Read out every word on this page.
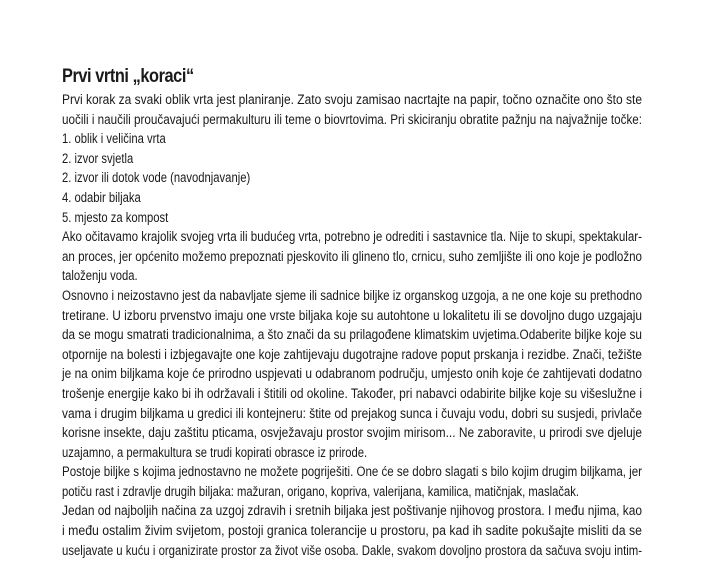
Prvi vrtni „koraci“
Prvi korak za svaki oblik vrta jest planiranje. Zato svoju zamisao nacrtajte na papir, točno označite ono što ste
uočili i naučili proučavajući permakulturu ili teme o biovrtovima. Pri skiciranju obratite pažnju na najvažnije točke:
1. oblik i veličina vrta
2. izvor svjetla
2. izvor ili dotok vode (navodnjavanje)
4. odabir biljaka
5. mjesto za kompost
Ako očitavamo krajolik svojeg vrta ili budućeg vrta, potrebno je odrediti i sastavnice tla. Nije to skupi, spektakular-
an proces, jer općenito možemo prepoznati pjeskovito ili glineno tlo, crnicu, suho zemljište ili ono koje je podložno
taloženju voda.
Osnovno i neizostavno jest da nabavljate sjeme ili sadnice biljke iz organskog uzgoja, a ne one koje su prethodno
tretirane. U izboru prvenstvo imaju one vrste biljaka koje su autohtone u lokalitetu ili se dovoljno dugo uzgajaju
da se mogu smatrati tradicionalnima, a što znači da su prilagođene klimatskim uvjetima.Odaberite biljke koje su
otpornije na bolesti i izbjegavajte one koje zahtijevaju dugotrajne radove poput prskanja i rezidbe. Znači, težište
je na onim biljkama koje će prirodno uspjevati u odabranom području, umjesto onih koje će zahtijevati dodatno
trošenje energije kako bi ih održavali i štitili od okoline. Također, pri nabavci odabirite biljke koje su višeslužne i
vama i drugim biljkama u gredici ili kontejneru: štite od prejakog sunca i čuvaju vodu, dobri su susjedi, privlače
korisne insekte, daju zaštitu pticama, osvježavaju prostor svojim mirisom... Ne zaboravite, u prirodi sve djeluje
uzajamno, a permakultura se trudi kopirati obrasce iz prirode.
Postoje biljke s kojima jednostavno ne možete pogriješiti. One će se dobro slagati s bilo kojim drugim biljkama, jer
potiču rast i zdravlje drugih biljaka: mažuran, origano, kopriva, valerijana, kamilica, matičnjak, maslačak.
Jedan od najboljih načina za uzgoj zdravih i sretnih biljaka jest poštivanje njihovog prostora. I među njima, kao
i među ostalim živim svijetom, postoji granica tolerancije u prostoru, pa kad ih sadite pokušajte misliti da se
useljavate u kuću i organizirate prostor za život više osoba. Dakle, svakom dovoljno prostora da sačuva svoju intim-
